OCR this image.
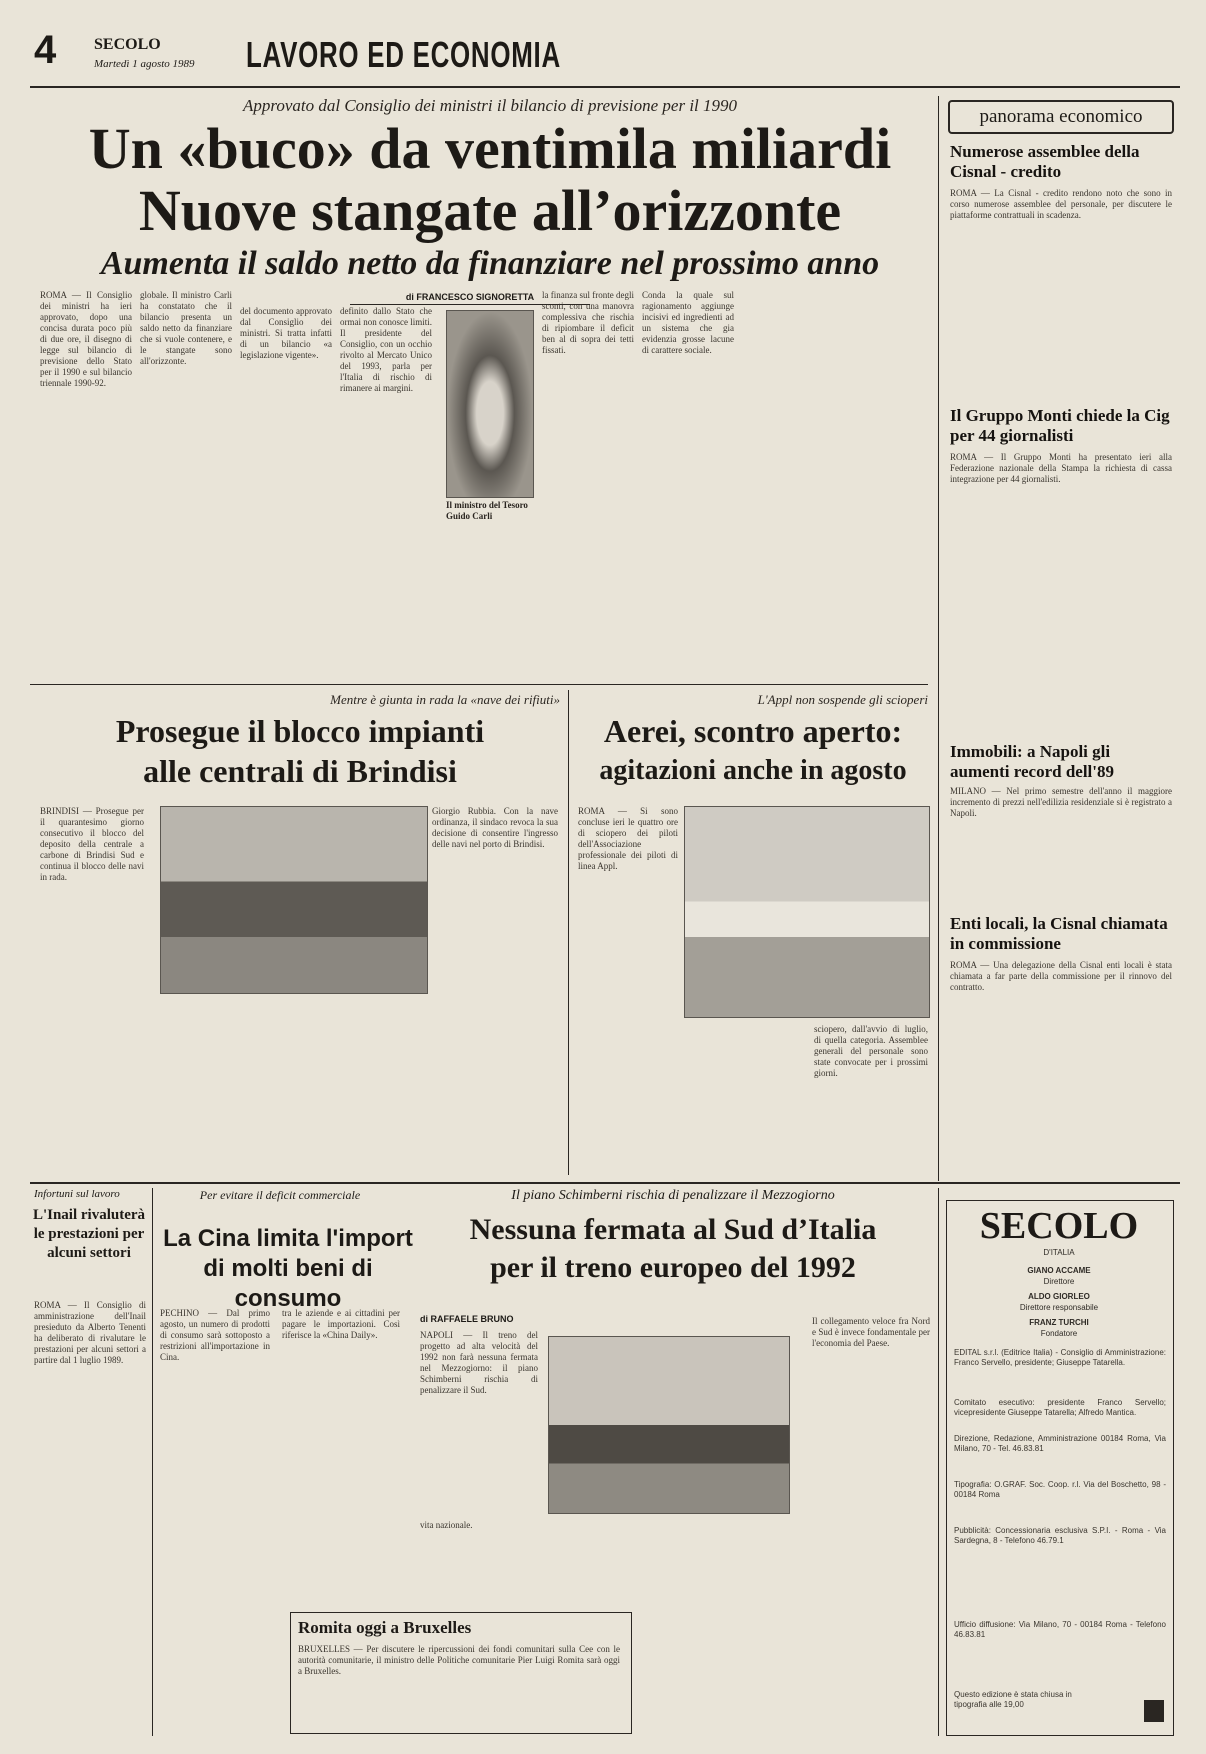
4 SECOLO
Martedì 1 agosto 1989 LAVORO ED ECONOMIA
Approvato dal Consiglio dei ministri il bilancio di previsione per il 1990
Un «buco» da ventimila miliardi
Nuove stangate all’orizzonte
Aumenta il saldo netto da finanziare nel prossimo anno
di FRANCESCO SIGNORETTA
ROMA — Il Consiglio dei ministri ha ieri approvato, dopo una concisa durata poco più di due ore, il disegno di legge sul bilancio di previsione dello Stato per il 1990 e sul bilancio triennale 1990-92.
globale. Il ministro Carli ha constatato che il bilancio presenta un saldo netto da finanziare che si vuole contenere, e le stangate sono all'orizzonte.
del documento approvato dal Consiglio dei ministri. Si tratta infatti di un bilancio «a legislazione vigente».
definito dallo Stato che ormai non conosce limiti. Il presidente del Consiglio, con un occhio rivolto al Mercato Unico del 1993, parla per l'Italia di rischio di rimanere ai margini.
Il ministro del Tesoro Guido Carli
la finanza sul fronte degli sconti, con una manovra complessiva che rischia di ripiombare il deficit ben al di sopra dei tetti fissati.
Conda la quale sul ragionamento aggiunge incisivi ed ingredienti ad un sistema che gia evidenzia grosse lacune di carattere sociale.
Mentre è giunta in rada la «nave dei rifiuti»
Prosegue il blocco impianti
alle centrali di Brindisi
BRINDISI — Prosegue per il quarantesimo giorno consecutivo il blocco del deposito della centrale a carbone di Brindisi Sud e continua il blocco delle navi in rada.
Giorgio Rubbia. Con la nave ordinanza, il sindaco revoca la sua decisione di consentire l'ingresso delle navi nel porto di Brindisi.
L'Appl non sospende gli scioperi
Aerei, scontro aperto:
agitazioni anche in agosto
ROMA — Si sono concluse ieri le quattro ore di sciopero dei piloti dell'Associazione professionale dei piloti di linea Appl.
sciopero, dall'avvio di luglio, di quella categoria. Assemblee generali del personale sono state convocate per i prossimi giorni.
panorama economico
Numerose assemblee della Cisnal - credito
ROMA — La Cisnal - credito rendono noto che sono in corso numerose assemblee del personale, per discutere le piattaforme contrattuali in scadenza.
Il Gruppo Monti chiede la Cig per 44 giornalisti
ROMA — Il Gruppo Monti ha presentato ieri alla Federazione nazionale della Stampa la richiesta di cassa integrazione per 44 giornalisti.
Immobili: a Napoli gli aumenti record dell'89
MILANO — Nel primo semestre dell'anno il maggiore incremento di prezzi nell'edilizia residenziale si è registrato a Napoli.
Enti locali, la Cisnal chiamata in commissione
ROMA — Una delegazione della Cisnal enti locali è stata chiamata a far parte della commissione per il rinnovo del contratto.
Infortuni sul lavoro
L'Inail rivaluterà le prestazioni per alcuni settori
ROMA — Il Consiglio di amministrazione dell'Inail presieduto da Alberto Tenenti ha deliberato di rivalutare le prestazioni per alcuni settori a partire dal 1 luglio 1989.
Per evitare il deficit commerciale
La Cina limita l'import di molti beni di consumo
PECHINO — Dal primo agosto, un numero di prodotti di consumo sarà sottoposto a restrizioni all'importazione in Cina.
tra le aziende e ai cittadini per pagare le importazioni. Così riferisce la «China Daily».
Romita oggi a Bruxelles
BRUXELLES — Per discutere le ripercussioni dei fondi comunitari sulla Cee con le autorità comunitarie, il ministro delle Politiche comunitarie Pier Luigi Romita sarà oggi a Bruxelles.
Il piano Schimberni rischia di penalizzare il Mezzogiorno
Nessuna fermata al Sud d’Italia
per il treno europeo del 1992
di RAFFAELE BRUNO
NAPOLI — Il treno del progetto ad alta velocità del 1992 non farà nessuna fermata nel Mezzogiorno: il piano Schimberni rischia di penalizzare il Sud.
vita nazionale.
Il collegamento veloce fra Nord e Sud è invece fondamentale per l'economia del Paese.
SECOLO
D'ITALIA
GIANO ACCAME
Direttore
ALDO GIORLEO
Direttore responsabile
FRANZ TURCHI
Fondatore
EDITAL s.r.l. (Editrice Italia) - Consiglio di Amministrazione: Franco Servello, presidente; Giuseppe Tatarella.
Comitato esecutivo: presidente Franco Servello; vicepresidente Giuseppe Tatarella; Alfredo Mantica.
Direzione, Redazione, Amministrazione 00184 Roma, Via Milano, 70 - Tel. 46.83.81
Tipografia: O.GRAF. Soc. Coop. r.l. Via del Boschetto, 98 - 00184 Roma
Pubblicità: Concessionaria esclusiva S.P.I. - Roma - Via Sardegna, 8 - Telefono 46.79.1
Ufficio diffusione: Via Milano, 70 - 00184 Roma - Telefono 46.83.81
Questo edizione è stata chiusa in tipografia alle 19,00
